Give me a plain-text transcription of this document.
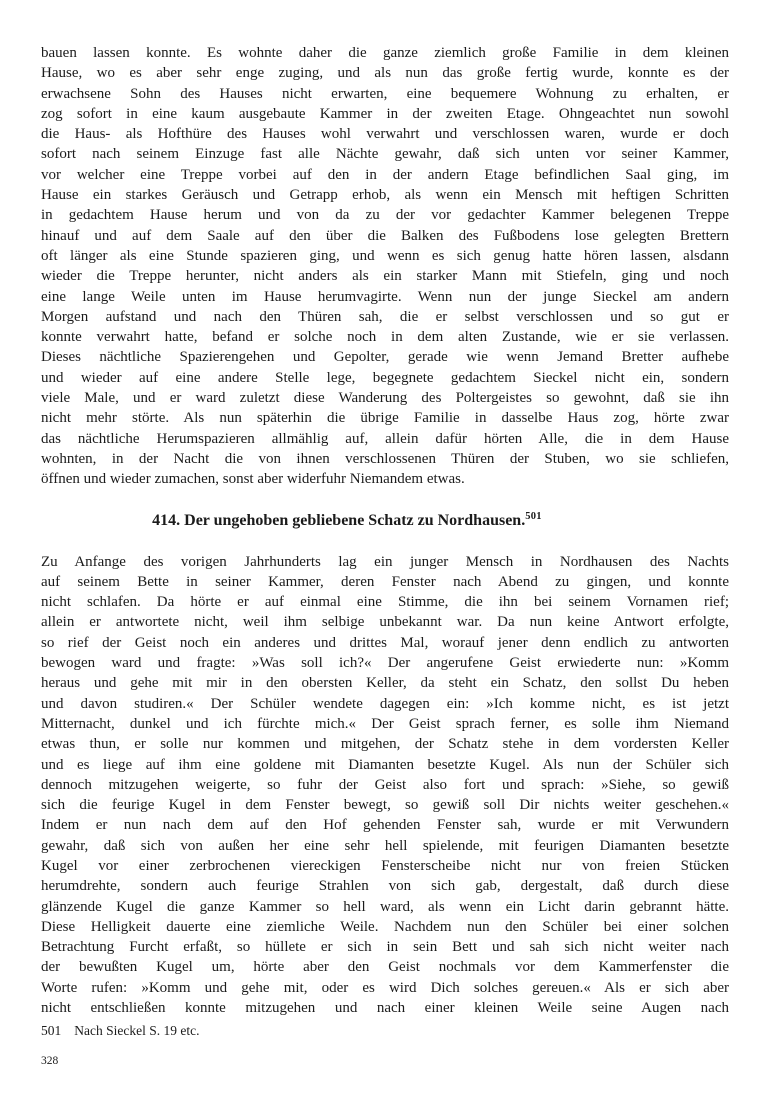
bauen lassen konnte. Es wohnte daher die ganze ziemlich große Familie in dem kleinen
Hause, wo es aber sehr enge zuging, und als nun das große fertig wurde, konnte es der
erwachsene Sohn des Hauses nicht erwarten, eine bequemere Wohnung zu erhalten, er
zog sofort in eine kaum ausgebaute Kammer in der zweiten Etage. Ohngeachtet nun sowohl
die Haus- als Hofthüre des Hauses wohl verwahrt und verschlossen waren, wurde er doch
sofort nach seinem Einzuge fast alle Nächte gewahr, daß sich unten vor seiner Kammer,
vor welcher eine Treppe vorbei auf den in der andern Etage befindlichen Saal ging, im
Hause ein starkes Geräusch und Getrapp erhob, als wenn ein Mensch mit heftigen Schritten
in gedachtem Hause herum und von da zu der vor gedachter Kammer belegenen Treppe
hinauf und auf dem Saale auf den über die Balken des Fußbodens lose gelegten Brettern
oft länger als eine Stunde spazieren ging, und wenn es sich genug hatte hören lassen, alsdann
wieder die Treppe herunter, nicht anders als ein starker Mann mit Stiefeln, ging und noch
eine lange Weile unten im Hause herumvagirte. Wenn nun der junge Sieckel am andern
Morgen aufstand und nach den Thüren sah, die er selbst verschlossen und so gut er
konnte verwahrt hatte, befand er solche noch in dem alten Zustande, wie er sie verlassen.
Dieses nächtliche Spazierengehen und Gepolter, gerade wie wenn Jemand Bretter aufhebe
und wieder auf eine andere Stelle lege, begegnete gedachtem Sieckel nicht ein, sondern
viele Male, und er ward zuletzt diese Wanderung des Poltergeistes so gewohnt, daß sie ihn
nicht mehr störte. Als nun späterhin die übrige Familie in dasselbe Haus zog, hörte zwar
das nächtliche Herumspazieren allmählig auf, allein dafür hörten Alle, die in dem Hause
wohnten, in der Nacht die von ihnen verschlossenen Thüren der Stuben, wo sie schliefen,
öffnen und wieder zumachen, sonst aber widerfuhr Niemandem etwas.
414. Der ungehoben gebliebene Schatz zu Nordhausen.$^{501}$
Zu Anfange des vorigen Jahrhunderts lag ein junger Mensch in Nordhausen des Nachts
auf seinem Bette in seiner Kammer, deren Fenster nach Abend zu gingen, und konnte
nicht schlafen. Da hörte er auf einmal eine Stimme, die ihn bei seinem Vornamen rief;
allein er antwortete nicht, weil ihm selbige unbekannt war. Da nun keine Antwort erfolgte,
so rief der Geist noch ein anderes und drittes Mal, worauf jener denn endlich zu antworten
bewogen ward und fragte: »Was soll ich?« Der angerufene Geist erwiederte nun: »Komm
heraus und gehe mit mir in den obersten Keller, da steht ein Schatz, den sollst Du heben
und davon studiren.« Der Schüler wendete dagegen ein: »Ich komme nicht, es ist jetzt
Mitternacht, dunkel und ich fürchte mich.« Der Geist sprach ferner, es solle ihm Niemand
etwas thun, er solle nur kommen und mitgehen, der Schatz stehe in dem vordersten Keller
und es liege auf ihm eine goldene mit Diamanten besetzte Kugel. Als nun der Schüler sich
dennoch mitzugehen weigerte, so fuhr der Geist also fort und sprach: »Siehe, so gewiß
sich die feurige Kugel in dem Fenster bewegt, so gewiß soll Dir nichts weiter geschehen.«
Indem er nun nach dem auf den Hof gehenden Fenster sah, wurde er mit Verwundern
gewahr, daß sich von außen her eine sehr hell spielende, mit feurigen Diamanten besetzte
Kugel vor einer zerbrochenen viereckigen Fensterscheibe nicht nur von freien Stücken
herumdrehte, sondern auch feurige Strahlen von sich gab, dergestalt, daß durch diese
glänzende Kugel die ganze Kammer so hell ward, als wenn ein Licht darin gebrannt hätte.
Diese Helligkeit dauerte eine ziemliche Weile. Nachdem nun den Schüler bei einer solchen
Betrachtung Furcht erfaßt, so hüllete er sich in sein Bett und sah sich nicht weiter nach
der bewußten Kugel um, hörte aber den Geist nochmals vor dem Kammerfenster die
Worte rufen: »Komm und gehe mit, oder es wird Dich solches gereuen.« Als er sich aber
nicht entschließen konnte mitzugehen und nach einer kleinen Weile seine Augen nach
501 Nach Sieckel S. 19 etc.
328
